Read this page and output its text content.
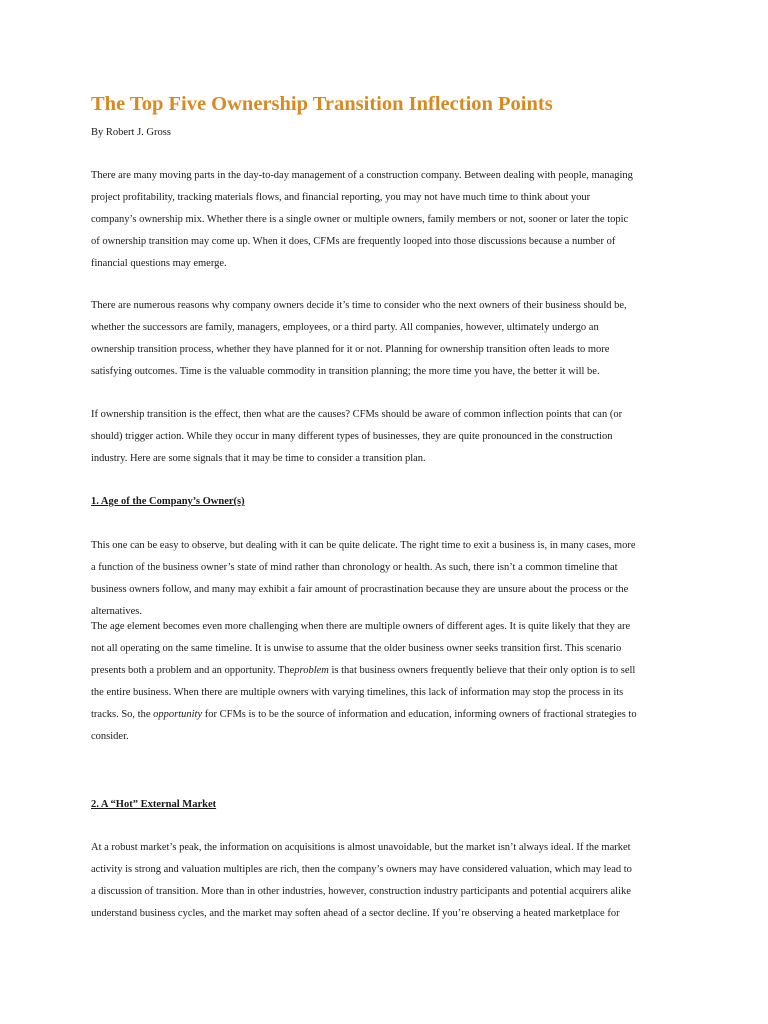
The Top Five Ownership Transition Inflection Points
By Robert J. Gross
There are many moving parts in the day-to-day management of a construction company. Between dealing with people, managing
project profitability, tracking materials flows, and financial reporting, you may not have much time to think about your
company’s ownership mix. Whether there is a single owner or multiple owners, family members or not, sooner or later the topic
of ownership transition may come up. When it does, CFMs are frequently looped into those discussions because a number of
financial questions may emerge.
There are numerous reasons why company owners decide it’s time to consider who the next owners of their business should be,
whether the successors are family, managers, employees, or a third party. All companies, however, ultimately undergo an
ownership transition process, whether they have planned for it or not. Planning for ownership transition often leads to more
satisfying outcomes. Time is the valuable commodity in transition planning; the more time you have, the better it will be.
If ownership transition is the effect, then what are the causes? CFMs should be aware of common inflection points that can (or
should) trigger action. While they occur in many different types of businesses, they are quite pronounced in the construction
industry. Here are some signals that it may be time to consider a transition plan.
1. Age of the Company’s Owner(s)
This one can be easy to observe, but dealing with it can be quite delicate. The right time to exit a business is, in many cases, more
a function of the business owner’s state of mind rather than chronology or health. As such, there isn’t a common timeline that
business owners follow, and many may exhibit a fair amount of procrastination because they are unsure about the process or the
alternatives.
The age element becomes even more challenging when there are multiple owners of different ages. It is quite likely that they are
not all operating on the same timeline. It is unwise to assume that the older business owner seeks transition first. This scenario
presents both a problem and an opportunity. Theproblem is that business owners frequently believe that their only option is to sell
the entire business. When there are multiple owners with varying timelines, this lack of information may stop the process in its
tracks. So, the opportunity for CFMs is to be the source of information and education, informing owners of fractional strategies to
consider.
2. A “Hot” External Market
At a robust market’s peak, the information on acquisitions is almost unavoidable, but the market isn’t always ideal. If the market
activity is strong and valuation multiples are rich, then the company’s owners may have considered valuation, which may lead to
a discussion of transition. More than in other industries, however, construction industry participants and potential acquirers alike
understand business cycles, and the market may soften ahead of a sector decline. If you’re observing a heated marketplace for
